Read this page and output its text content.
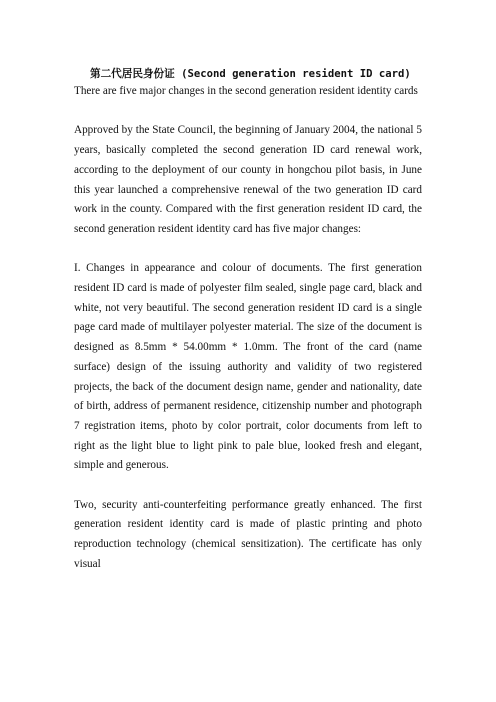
第二代居民身份证 (Second generation resident ID card)

There are five major changes in the second generation resident identity cards

Approved by the State Council, the beginning of January 2004, the national 5 years, basically completed the second generation ID card renewal work, according to the deployment of our county in hongchou pilot basis, in June this year launched a comprehensive renewal of the two generation ID card work in the county. Compared with the first generation resident ID card, the second generation resident identity card has five major changes:

I. Changes in appearance and colour of documents. The first generation resident ID card is made of polyester film sealed, single page card, black and white, not very beautiful. The second generation resident ID card is a single page card made of multilayer polyester material. The size of the document is designed as 8.5mm * 54.00mm * 1.0mm. The front of the card (name surface) design of the issuing authority and validity of two registered projects, the back of the document design name, gender and nationality, date of birth, address of permanent residence, citizenship number and photograph 7 registration items, photo by color portrait, color documents from left to right as the light blue to light pink to pale blue, looked fresh and elegant, simple and generous.

Two, security anti-counterfeiting performance greatly enhanced. The first generation resident identity card is made of plastic printing and photo reproduction technology (chemical sensitization). The certificate has only visual
